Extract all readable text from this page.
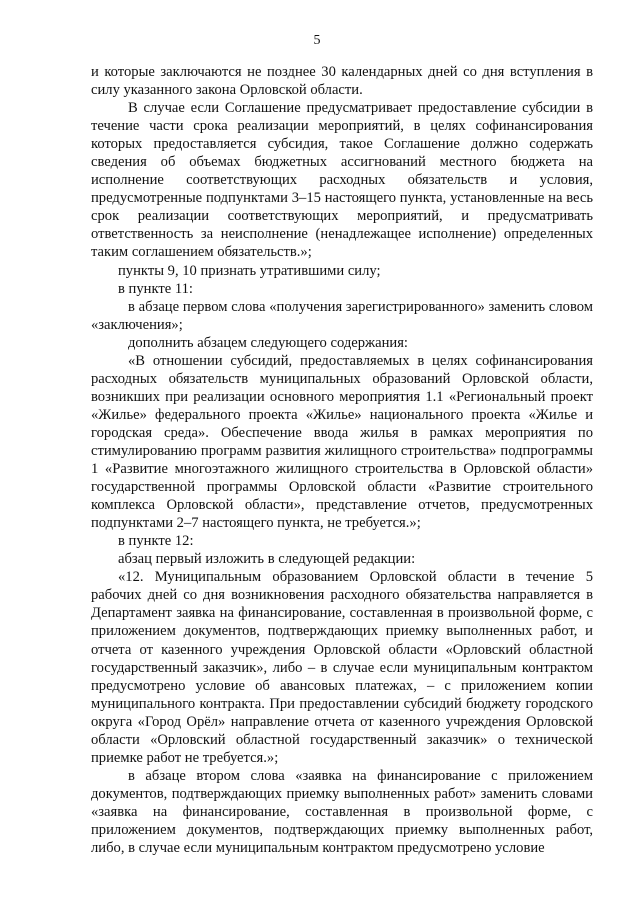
5

и которые заключаются не позднее 30 календарных дней со дня вступления в силу указанного закона Орловской области.

В случае если Соглашение предусматривает предоставление субсидии в течение части срока реализации мероприятий, в целях софинансирования которых предоставляется субсидия, такое Соглашение должно содержать сведения об объемах бюджетных ассигнований местного бюджета на исполнение соответствующих расходных обязательств и условия, предусмотренные подпунктами 3–15 настоящего пункта, установленные на весь срок реализации соответствующих мероприятий, и предусматривать ответственность за неисполнение (ненадлежащее исполнение) определенных таким соглашением обязательств.»;

пункты 9, 10 признать утратившими силу;

в пункте 11:

в абзаце первом слова «получения зарегистрированного» заменить словом «заключения»;

дополнить абзацем следующего содержания:

«В отношении субсидий, предоставляемых в целях софинансирования расходных обязательств муниципальных образований Орловской области, возникших при реализации основного мероприятия 1.1 «Региональный проект «Жилье» федерального проекта «Жилье» национального проекта «Жилье и городская среда». Обеспечение ввода жилья в рамках мероприятия по стимулированию программ развития жилищного строительства» подпрограммы 1 «Развитие многоэтажного жилищного строительства в Орловской области» государственной программы Орловской области «Развитие строительного комплекса Орловской области», представление отчетов, предусмотренных подпунктами 2–7 настоящего пункта, не требуется.»;

в пункте 12:

абзац первый изложить в следующей редакции:

«12. Муниципальным образованием Орловской области в течение 5 рабочих дней со дня возникновения расходного обязательства направляется в Департамент заявка на финансирование, составленная в произвольной форме, с приложением документов, подтверждающих приемку выполненных работ, и отчета от казенного учреждения Орловской области «Орловский областной государственный заказчик», либо – в случае если муниципальным контрактом предусмотрено условие об авансовых платежах, – с приложением копии муниципального контракта. При предоставлении субсидий бюджету городского округа «Город Орёл» направление отчета от казенного учреждения Орловской области «Орловский областной государственный заказчик» о технической приемке работ не требуется.»;

в абзаце втором слова «заявка на финансирование с приложением документов, подтверждающих приемку выполненных работ» заменить словами «заявка на финансирование, составленная в произвольной форме, с приложением документов, подтверждающих приемку выполненных работ, либо, в случае если муниципальным контрактом предусмотрено условие
